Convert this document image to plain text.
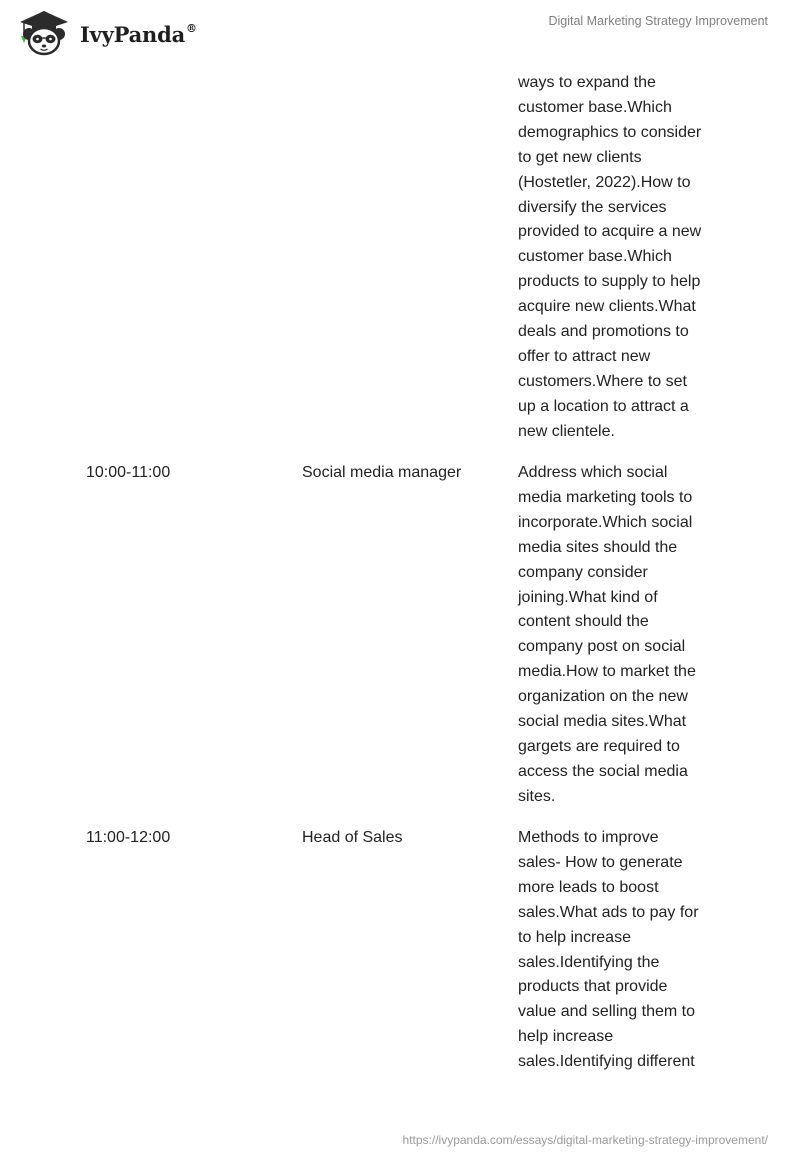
IvyPanda®	Digital Marketing Strategy Improvement
ways to expand the
customer base.Which
demographics to consider
to get new clients
(Hostetler, 2022).How to
diversify the services
provided to acquire a new
customer base.Which
products to supply to help
acquire new clients.What
deals and promotions to
offer to attract new
customers.Where to set
up a location to attract a
new clientele.
10:00-11:00	Social media manager	Address which social
media marketing tools to
incorporate.Which social
media sites should the
company consider
joining.What kind of
content should the
company post on social
media.How to market the
organization on the new
social media sites.What
gargets are required to
access the social media
sites.
11:00-12:00	Head of Sales	Methods to improve
sales- How to generate
more leads to boost
sales.What ads to pay for
to help increase
sales.Identifying the
products that provide
value and selling them to
help increase
sales.Identifying different
https://ivypanda.com/essays/digital-marketing-strategy-improvement/
